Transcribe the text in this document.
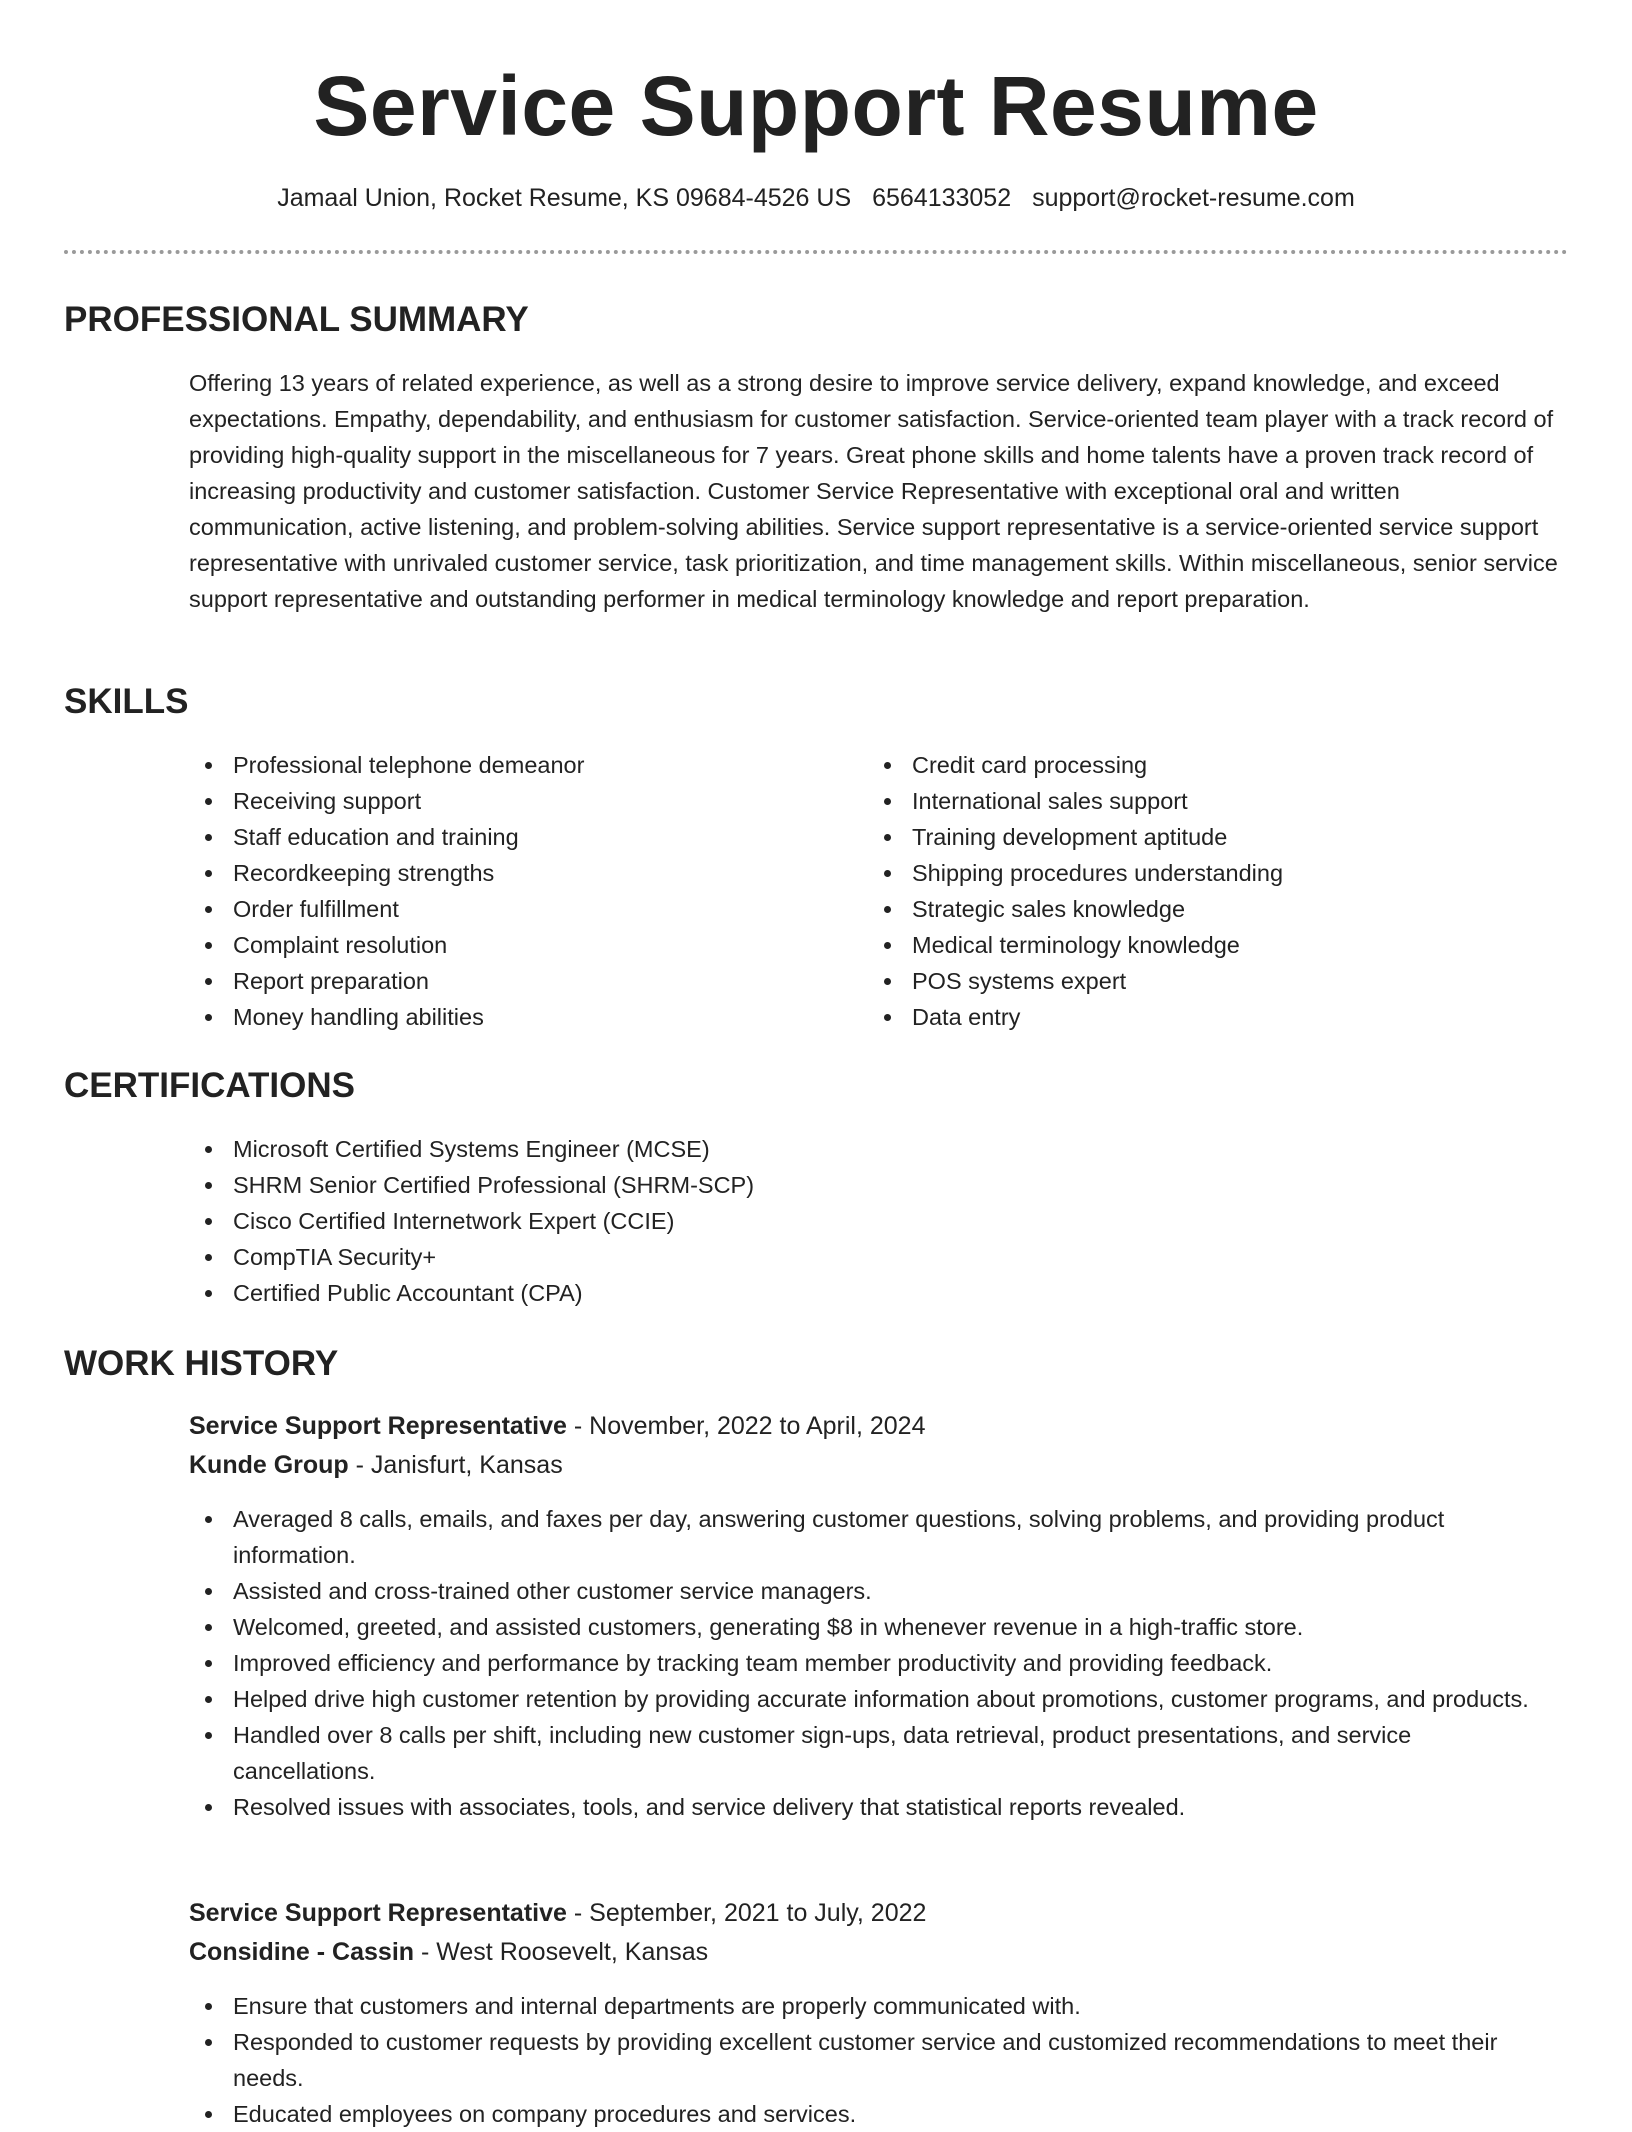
Service Support Resume
Jamaal Union, Rocket Resume, KS 09684-4526 US 6564133052 support@rocket-resume.com
PROFESSIONAL SUMMARY

Offering 13 years of related experience, as well as a strong desire to improve service delivery, expand knowledge, and exceed expectations. Empathy, dependability, and enthusiasm for customer satisfaction. Service-oriented team player with a track record of providing high-quality support in the miscellaneous for 7 years. Great phone skills and home talents have a proven track record of increasing productivity and customer satisfaction. Customer Service Representative with exceptional oral and written communication, active listening, and problem-solving abilities. Service support representative is a service-oriented service support representative with unrivaled customer service, task prioritization, and time management skills. Within miscellaneous, senior service support representative and outstanding performer in medical terminology knowledge and report preparation.

SKILLS
Professional telephone demeanor
Receiving support
Staff education and training
Recordkeeping strengths
Order fulfillment
Complaint resolution
Report preparation
Money handling abilities
Credit card processing
International sales support
Training development aptitude
Shipping procedures understanding
Strategic sales knowledge
Medical terminology knowledge
POS systems expert
Data entry
CERTIFICATIONS
Microsoft Certified Systems Engineer (MCSE)
SHRM Senior Certified Professional (SHRM-SCP)
Cisco Certified Internetwork Expert (CCIE)
CompTIA Security+
Certified Public Accountant (CPA)
WORK HISTORY
Service Support Representative - November, 2022 to April, 2024
Kunde Group - Janisfurt, Kansas
Averaged 8 calls, emails, and faxes per day, answering customer questions, solving problems, and providing product information.
Assisted and cross-trained other customer service managers.
Welcomed, greeted, and assisted customers, generating $8 in whenever revenue in a high-traffic store.
Improved efficiency and performance by tracking team member productivity and providing feedback.
Helped drive high customer retention by providing accurate information about promotions, customer programs, and products.
Handled over 8 calls per shift, including new customer sign-ups, data retrieval, product presentations, and service cancellations.
Resolved issues with associates, tools, and service delivery that statistical reports revealed.
Service Support Representative - September, 2021 to July, 2022
Considine - Cassin - West Roosevelt, Kansas
Ensure that customers and internal departments are properly communicated with.
Responded to customer requests by providing excellent customer service and customized recommendations to meet their needs.
Educated employees on company procedures and services.
